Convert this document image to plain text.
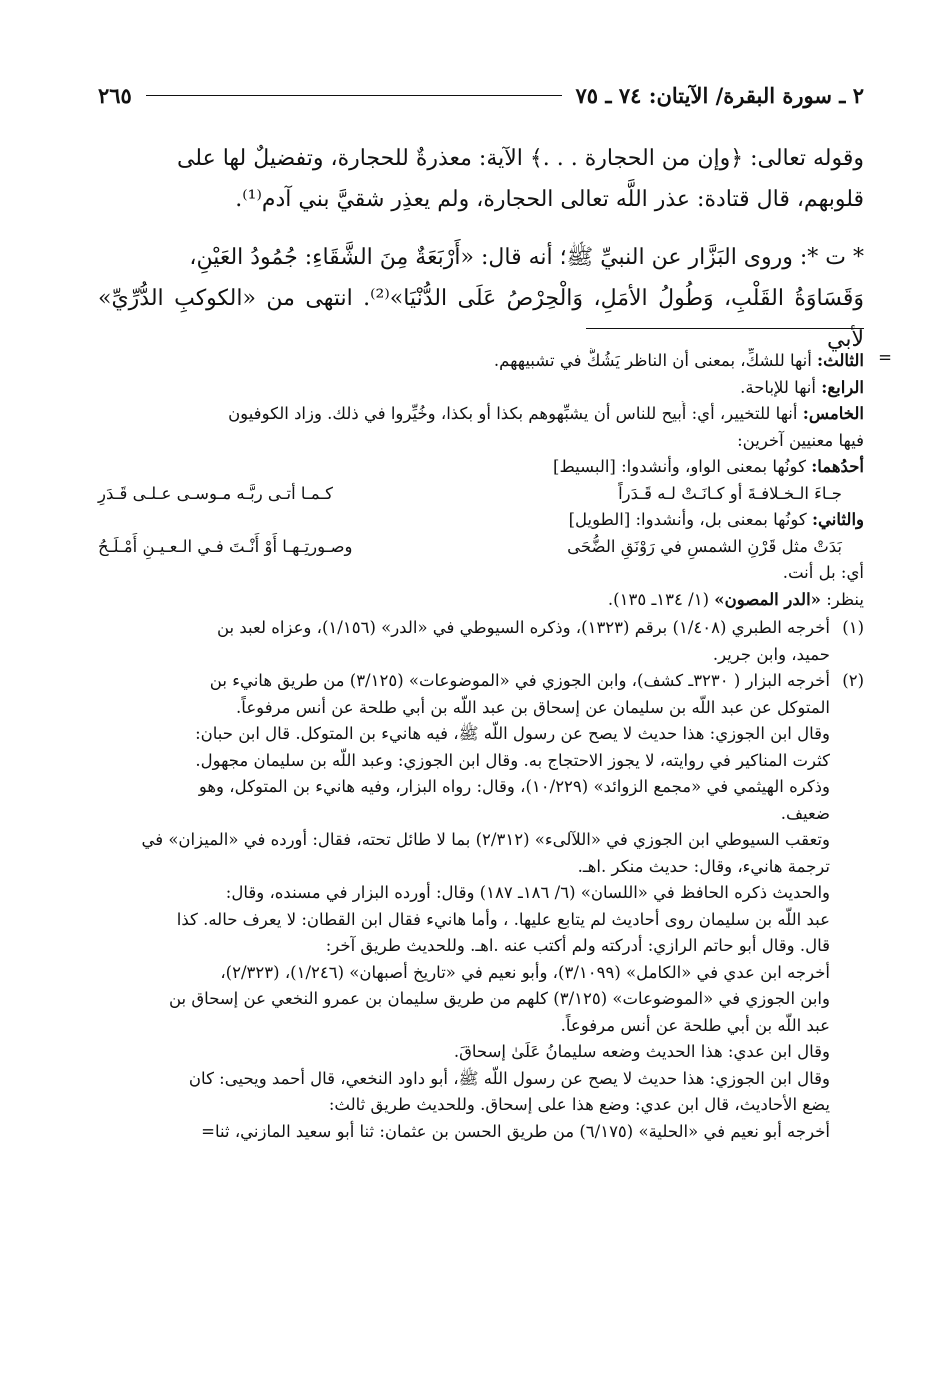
٢ ـ سورة البقرة/ الآيتان: ٧٤ ـ ٧٥
٢٦٥

وقوله تعالى: ﴿وإن من الحجارة . . .﴾ الآية: معذرةٌ للحجارة، وتفضيلٌ لها على

قلوبهم، قال قتادة: عذر اللَّه تعالى الحجارة، ولم يعذِر شقيَّ بني آدم⁽¹⁾.

* ت *: وروى البَزَّار عن النبيِّ ﷺ؛ أنه قال: «أَرْبَعَةٌ مِنَ الشَّقَاءِ: جُمُودُ العَيْنِ،

وَقَسَاوَةُ القَلْبِ، وَطُولُ الأمَلِ، وَالْحِرْصُ عَلَى الدُّنْيَا»⁽²⁾. انتهى من «الكوكبِ الدُّرِّيِّ» لأبي

=
الثالث: أنها للشكِّ، بمعنى أن الناظر يَشُكُّ في تشبيههم.
الرابع: أنها للإباحة.
الخامس: أنها للتخيير، أي: أُبيح للناس أن يشبِّهوهم بكذا أو بكذا، وخُيِّروا في ذلك. وزاد الكوفيون
فيها معنيين آخرين:
أحدُهما: كونُها بمعنى الواو، وأنشدوا: [البسيط]
جـاءَ الـخـلافـةَ أو كـانَـتْ لـه قَـدَراً
كـمـا أتـى ربَّـه مـوسـى عـلـى قَـدَرِ
والثاني: كونُها بمعنى بل، وأنشدوا: [الطويل]
بَدَتْ مثل قَرْنِ الشمسِ في رَوْنَقِ الضُّحَى
وصـورتِـهـا أَوْ أَنْـتَ فـي الـعـيـنِ أَمْـلَـحُ
أي: بل أنت.
ينظر: «الدر المصون» (١/ ١٣٤ـ ١٣٥).
(١)أخرجه الطبري (١/٤٠٨) برقم (١٣٢٣)، وذكره السيوطي في «الدر» (١/١٥٦)، وعزاه لعبد بن
حميد، وابن جرير.
(٢)أخرجه البزار ( ٣٢٣٠ـ كشف)، وابن الجوزي في «الموضوعات» (٣/١٢٥) من طريق هانيء بن
المتوكل عن عبد اللَّه بن سليمان عن إسحاق بن عبد اللَّه بن أبي طلحة عن أنس مرفوعاً.
وقال ابن الجوزي: هذا حديث لا يصح عن رسول اللَّه ﷺ، فيه هانيء بن المتوكل. قال ابن حبان:
كثرت المناكير في روايته، لا يجوز الاحتجاج به. وقال ابن الجوزي: وعبد اللَّه بن سليمان مجهول.
وذكره الهيثمي في «مجمع الزوائد» (١٠/٢٢٩)، وقال: رواه البزار، وفيه هانيء بن المتوكل، وهو
ضعيف.
وتعقب السيوطي ابن الجوزي في «اللآلىء» (٢/٣١٢) بما لا طائل تحته، فقال: أورده في «الميزان» في
ترجمة هانيء، وقال: حديث منكر .اهـ.
والحديث ذكره الحافظ في «اللسان» (٦/ ١٨٦ـ ١٨٧) وقال: أورده البزار في مسنده، وقال:
عبد اللَّه بن سليمان روى أحاديث لم يتابع عليها. ، وأما هانيء فقال ابن القطان: لا يعرف حاله. كذا
قال. وقال أبو حاتم الرازي: أدركته ولم أكتب عنه .اهـ. وللحديث طريق آخر:
أخرجه ابن عدي في «الكامل» (٣/١٠٩٩)، وأبو نعيم في «تاريخ أصبهان» (١/٢٤٦)، (٢/٣٢٣)،
وابن الجوزي في «الموضوعات» (٣/١٢٥) كلهم من طريق سليمان بن عمرو النخعي عن إسحاق بن
عبد اللَّه بن أبي طلحة عن أنس مرفوعاً.
وقال ابن عدي: هذا الحديث وضعه سليمانُ عَلَىٰ إسحاقَ.
وقال ابن الجوزي: هذا حديث لا يصح عن رسول اللَّه ﷺ، أبو داود النخعي، قال أحمد ويحيى: كان
يضع الأحاديث، قال ابن عدي: وضع هذا على إسحاق. وللحديث طريق ثالث:
أخرجه أبو نعيم في «الحلية» (٦/١٧٥) من طريق الحسن بن عثمان: ثنا أبو سعيد المازني، ثنا=
